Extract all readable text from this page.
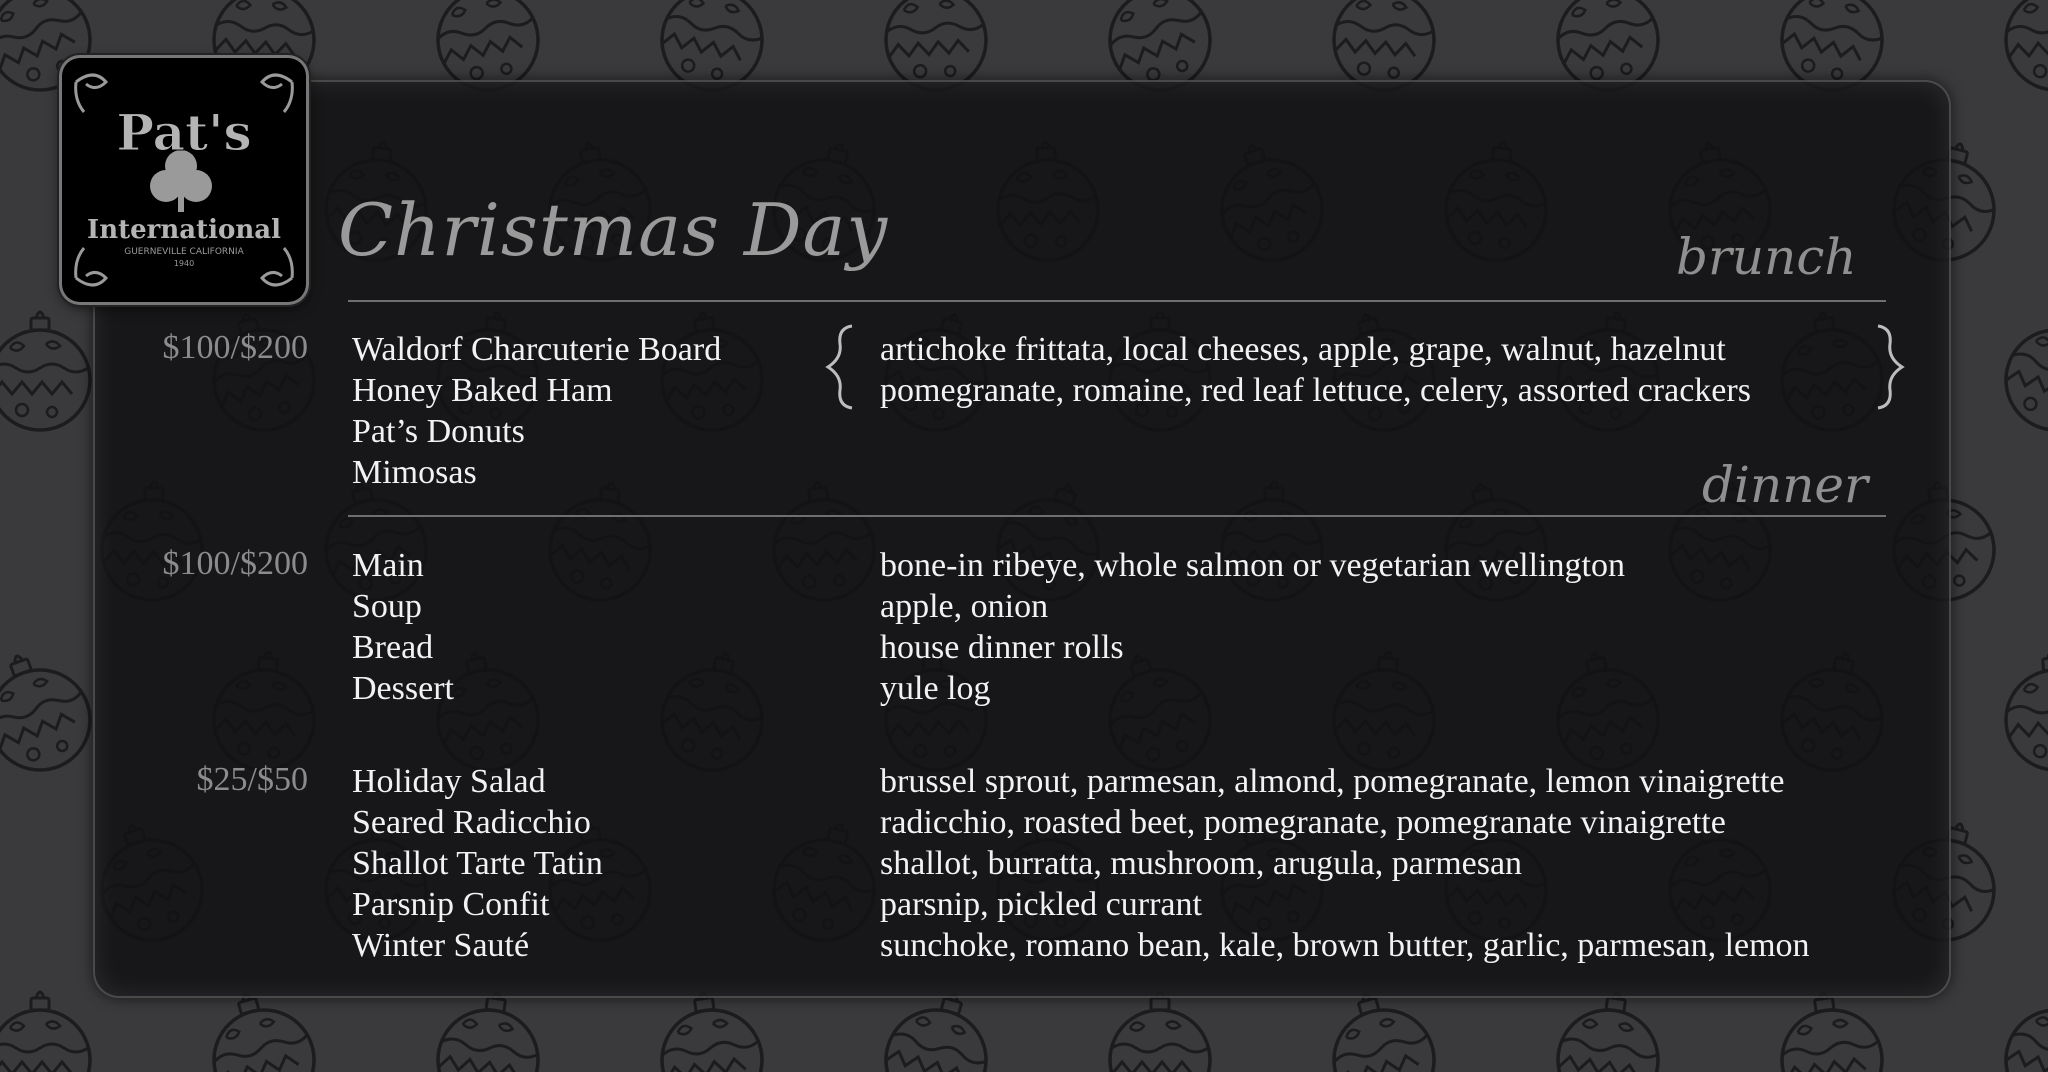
Pat's
International
GUERNEVILLE CALIFORNIA
1940 Christmas Day	brunch
$100/$200 Waldorf Charcuterie Board
Honey Baked Ham
Pat’s Donuts
Mimosas
artichoke frittata, local cheeses, apple, grape, walnut, hazelnut
pomegranate, romaine, red leaf lettuce, celery, assorted crackers
dinner
$100/$200 Main
Soup
Bread
Dessert
bone-in ribeye, whole salmon or vegetarian wellington
apple, onion
house dinner rolls
yule log
$25/$50 Holiday Salad
Seared Radicchio
Shallot Tarte Tatin
Parsnip Confit
Winter Sauté
brussel sprout, parmesan, almond, pomegranate, lemon vinaigrette
radicchio, roasted beet, pomegranate, pomegranate vinaigrette
shallot, burratta, mushroom, arugula, parmesan
parsnip, pickled currant
sunchoke, romano bean, kale, brown butter, garlic, parmesan, lemon
